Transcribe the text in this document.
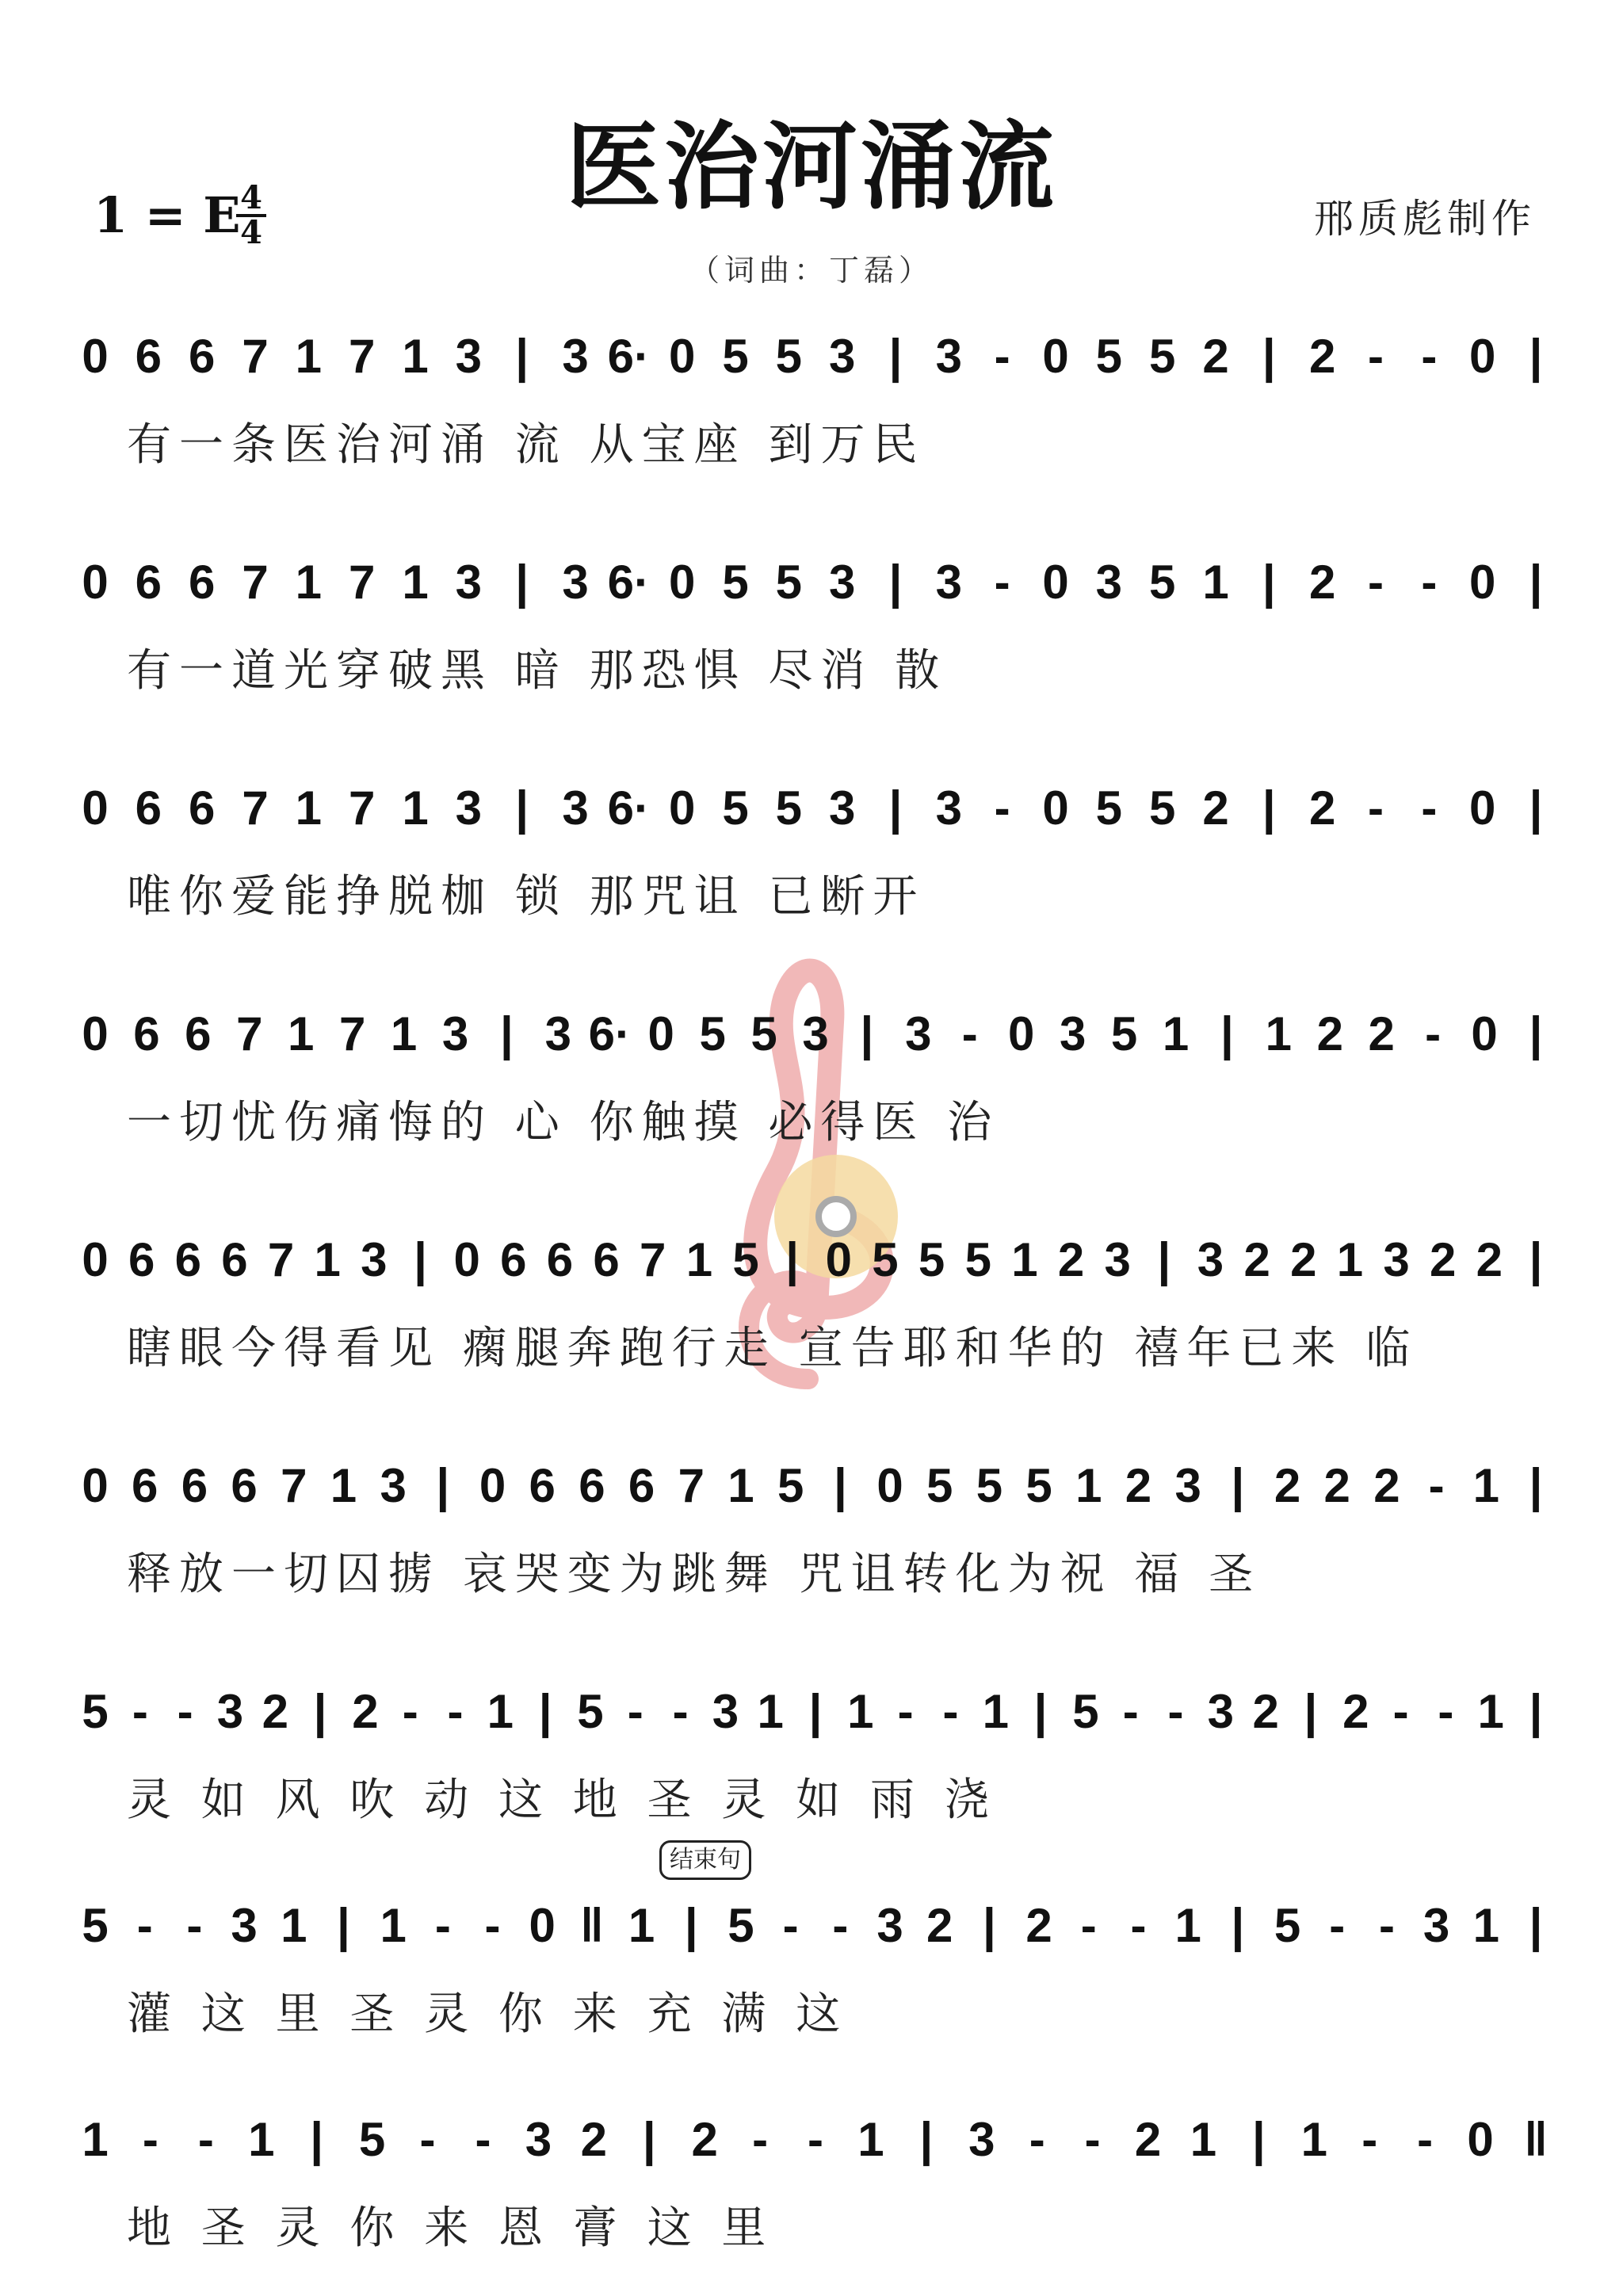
医治河涌流
1 = E 4
4	邢质彪制作
（词曲：丁磊）
0 6 6 7 1 7 1 3 | 3 6· 0 5 5 3 | 3 - 0 5 5 2 | 2 - - 0 |
有一条医治河涌 流 从宝座 到万民
0 6 6 7 1 7 1 3 | 3 6· 0 5 5 3 | 3 - 0 3 5 1 | 2 - - 0 |
有一道光穿破黑 暗 那恐惧 尽消 散
0 6 6 7 1 7 1 3 | 3 6· 0 5 5 3 | 3 - 0 5 5 2 | 2 - - 0 |
唯你爱能挣脱枷 锁 那咒诅 已断开
0 6 6 7 1 7 1 3 | 3 6· 0 5 5 3 | 3 - 0 3 5 1 | 1 2 2 - 0 |
一切忧伤痛悔的 心 你触摸 必得医 治
0 6 6 6 7 1 3 | 0 6 6 6 7 1 5 | 0 5 5 5 1 2 3 | 3 2 2 1 3 2 2 |
瞎眼今得看见 瘸腿奔跑行走 宣告耶和华的 禧年已来 临
0 6 6 6 7 1 3 | 0 6 6 6 7 1 5 | 0 5 5 5 1 2 3 | 2 2 2 - 1 |
释放一切囚掳 哀哭变为跳舞 咒诅转化为祝 福 圣
5 - - 3 2 | 2 - - 1 | 5 - - 3 1 | 1 - - 1 | 5 - - 3 2 | 2 - - 1 |
灵 如 风 吹 动 这 地 圣 灵 如 雨 浇
5 - - 3 1 | 1 - - 0 ‖ 1 | 5 - - 3 2 | 2 - - 1 | 5 - - 3 1 |
灌 这 里 圣 灵 你 来 充 满 这
1 - - 1 | 5 - - 3 2 | 2 - - 1 | 3 - - 2 1 | 1 - - 0 ‖
地 圣 灵 你 来 恩 膏 这 里
结束句
